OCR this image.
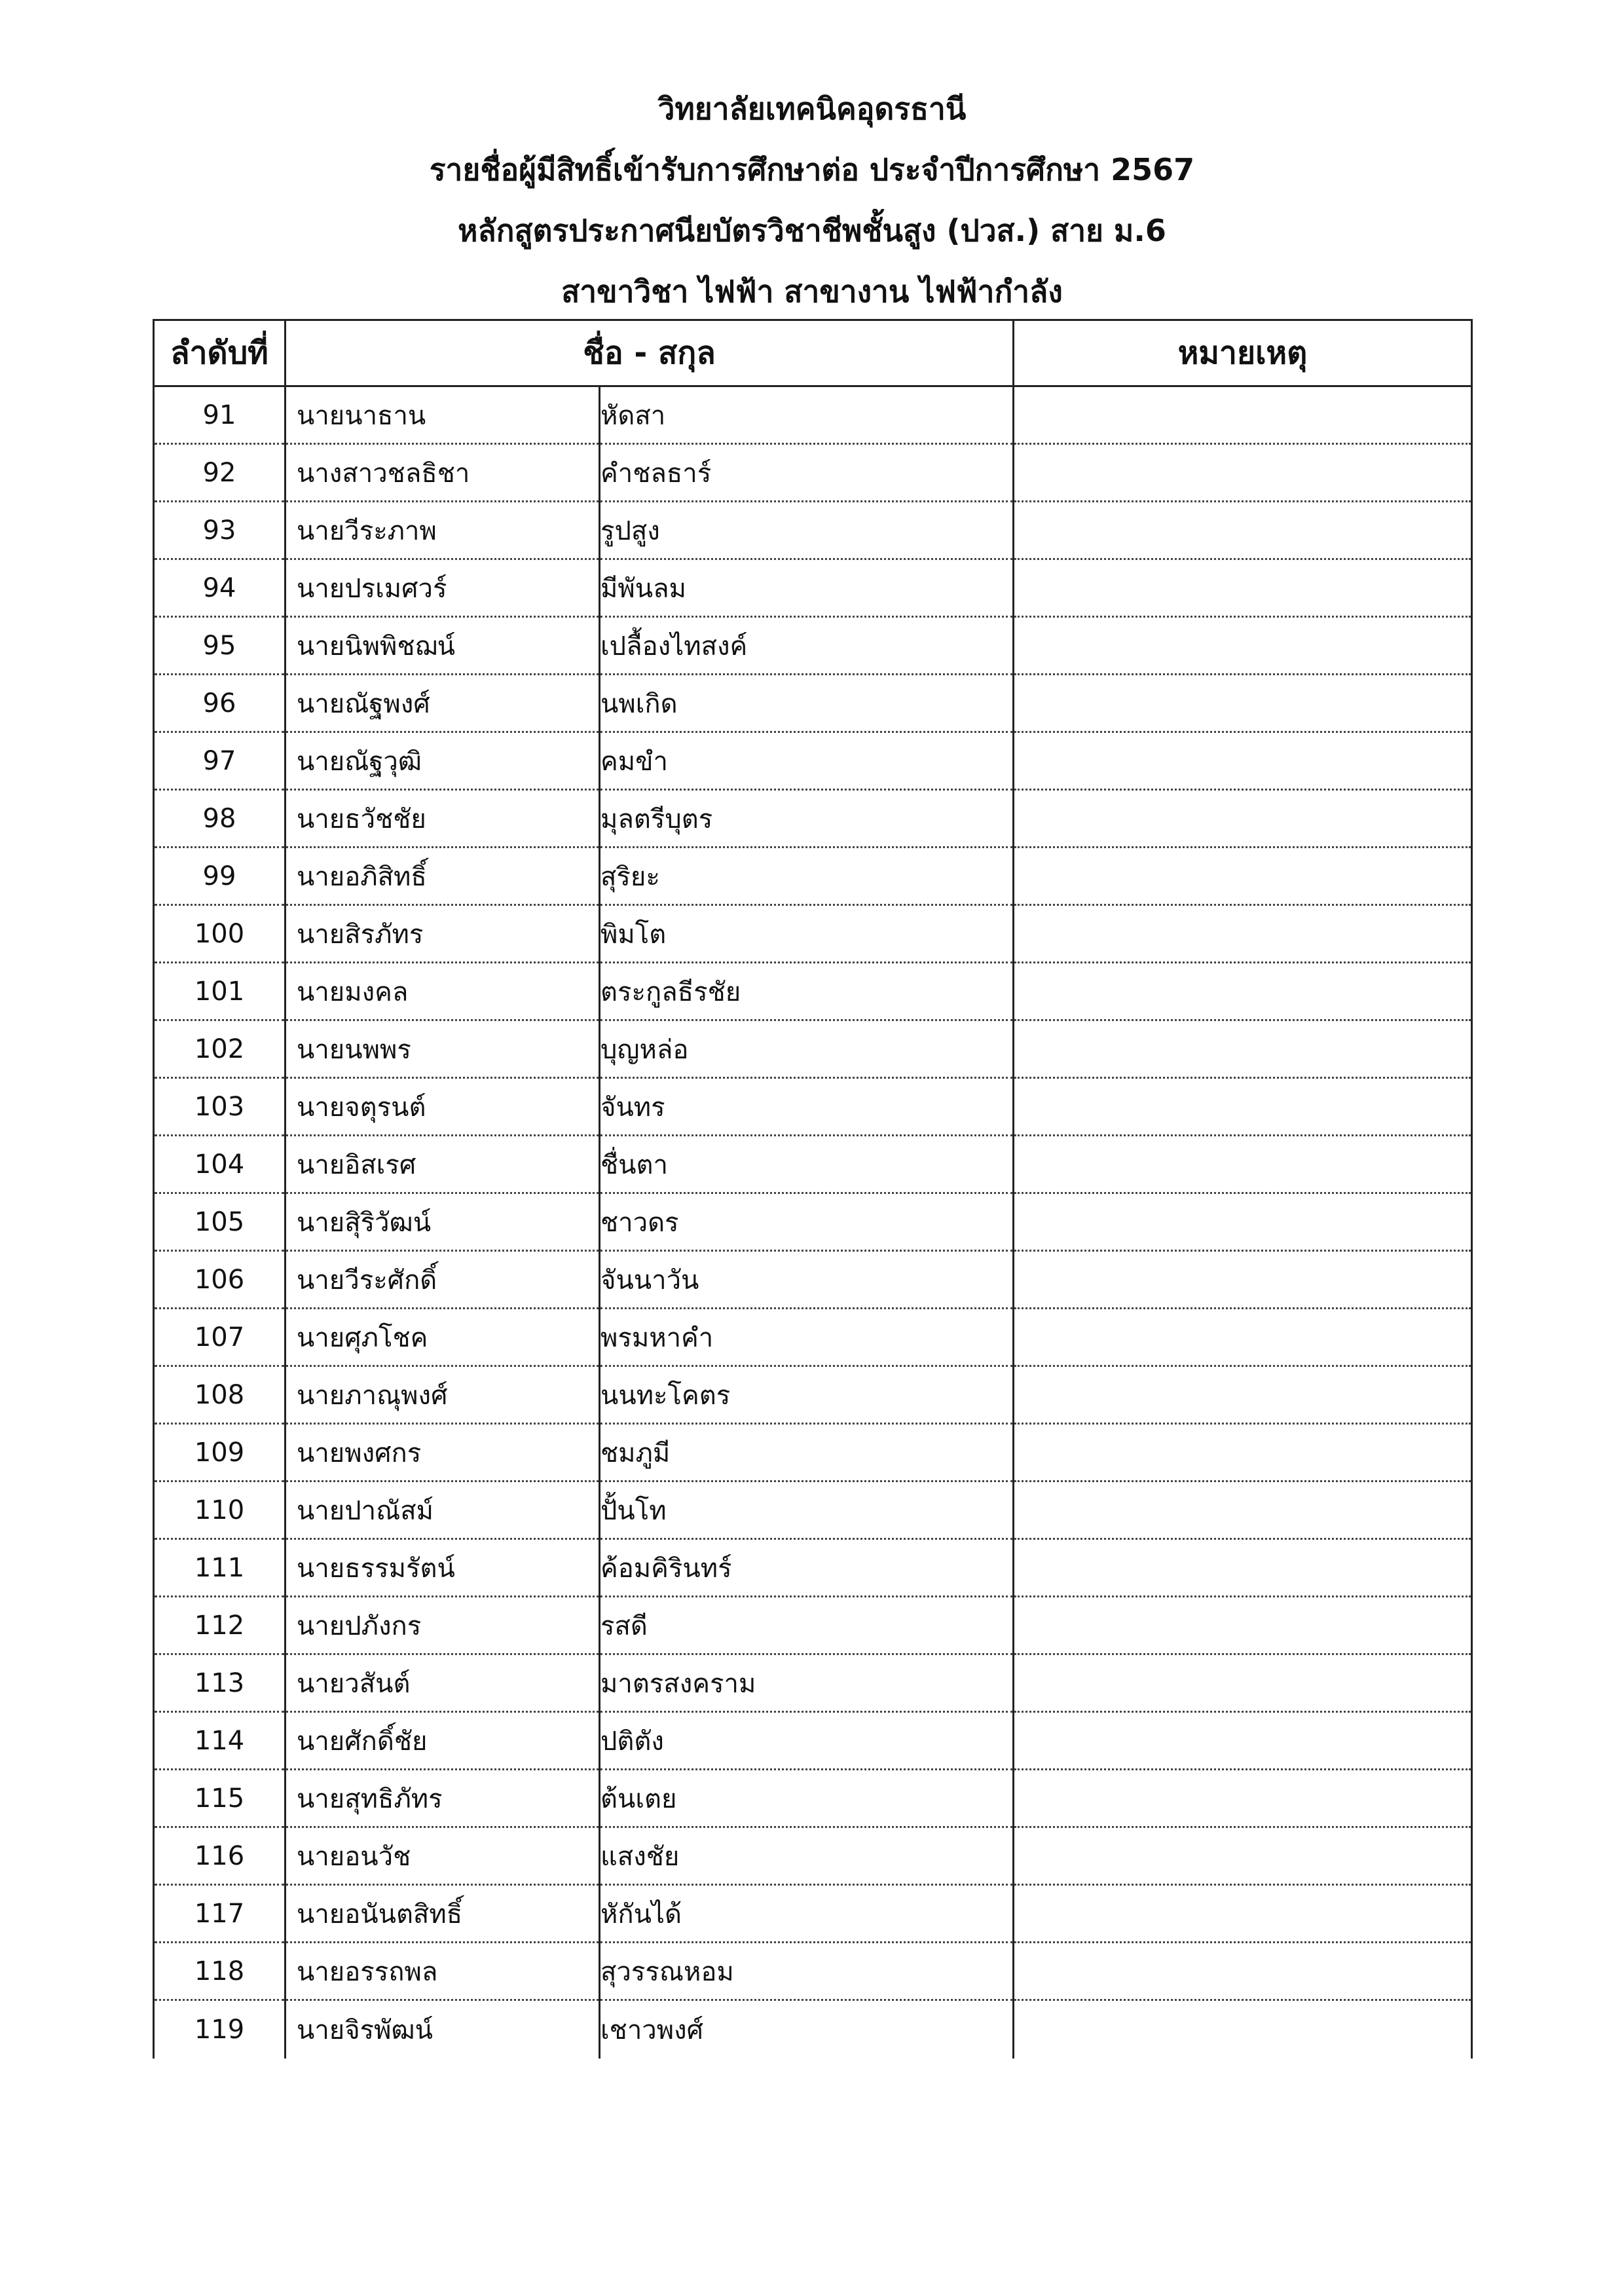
วิทยาลัยเทคนิคอุดรธานี
รายชื่อผู้มีสิทธิ์เข้ารับการศึกษาต่อ ประจำปีการศึกษา 2567
หลักสูตรประกาศนียบัตรวิชาชีพชั้นสูง (ปวส.) สาย ม.6
สาขาวิชา ไฟฟ้า สาขางาน ไฟฟ้ากำลัง
ลำดับที่	ชื่อ - สกุล		หมายเหตุ
91	นายนาธาน	หัดสา	
92	นางสาวชลธิชา	คำชลธาร์	
93	นายวีระภาพ	รูปสูง	
94	นายปรเมศวร์	มีพันลม	
95	นายนิพพิชฌน์	เปลื้องไทสงค์	
96	นายณัฐพงศ์	นพเกิด	
97	นายณัฐวุฒิ	คมขำ	
98	นายธวัชชัย	มุลตรีบุตร	
99	นายอภิสิทธิ์	สุริยะ	
100	นายสิรภัทร	พิมโต	
101	นายมงคล	ตระกูลธีรชัย	
102	นายนพพร	บุญหล่อ	
103	นายจตุรนต์	จันทร	
104	นายอิสเรศ	ชื่นตา	
105	นายสุิริวัฒน์	ชาวดร	
106	นายวีระศักดิ์	จันนาวัน	
107	นายศุภโชค	พรมหาคำ	
108	นายภาณุพงศ์	นนทะโคตร	
109	นายพงศกร	ชมภูมี	
110	นายปาณัสม์	ปั้นโท	
111	นายธรรมรัตน์	ค้อมคิรินทร์	
112	นายปภังกร	รสดี	
113	นายวสันต์	มาตรสงคราม	
114	นายศักดิ์ชัย	ปติตัง	
115	นายสุทธิภัทร	ต้นเตย	
116	นายอนวัช	แสงชัย	
117	นายอนันตสิทธิ์	หักันได้	
118	นายอรรถพล	สุวรรณหอม	
119	นายจิรพัฒน์	เชาวพงศ์	
